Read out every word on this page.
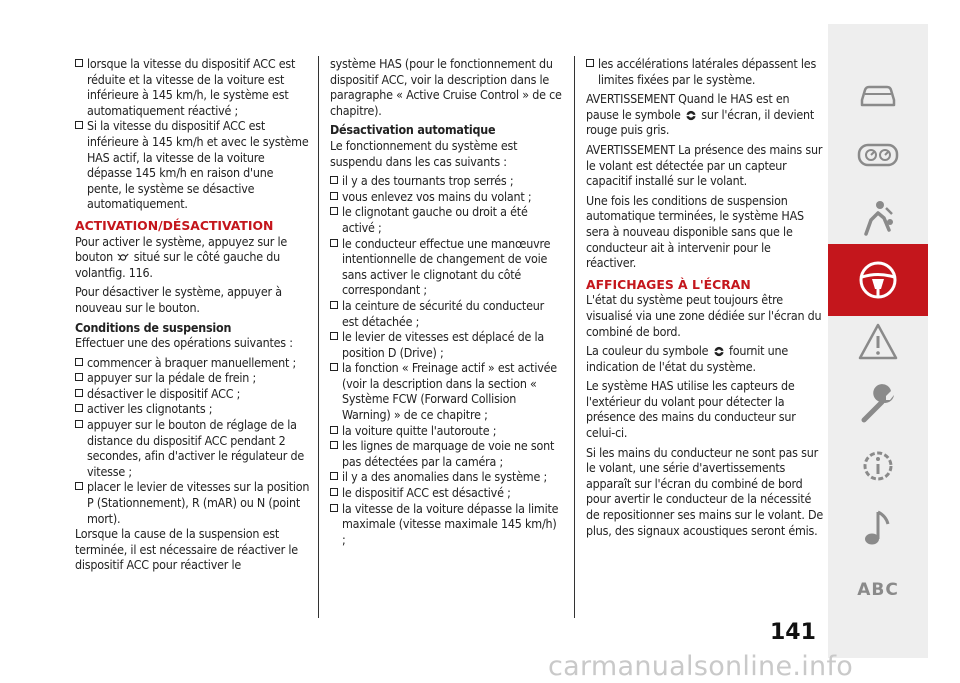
lorsque la vitesse du dispositif ACC est réduite et la vitesse de la voiture est inférieure à 145 km/h, le système est automatiquement réactivé ;

Si la vitesse du dispositif ACC est inférieure à 145 km/h et avec le système HAS actif, la vitesse de la voiture dépasse 145 km/h en raison d'une pente, le système se désactive automatiquement.

ACTIVATION/DÉSACTIVATION

Pour activer le système, appuyez sur le bouton situé sur le côté gauche du volantfig. 116.

Pour désactiver le système, appuyer à nouveau sur le bouton.

Conditions de suspension

Effectuer une des opérations suivantes :

commencer à braquer manuellement ;

appuyer sur la pédale de frein ;

désactiver le dispositif ACC ;

activer les clignotants ;

appuyer sur le bouton de réglage de la distance du dispositif ACC pendant 2 secondes, afin d'activer le régulateur de vitesse ;

placer le levier de vitesses sur la position P (Stationnement), R (mAR) ou N (point mort).

Lorsque la cause de la suspension est terminée, il est nécessaire de réactiver le dispositif ACC pour réactiver le

système HAS (pour le fonctionnement du dispositif ACC, voir la description dans le paragraphe « Active Cruise Control » de ce chapitre).

Désactivation automatique

Le fonctionnement du système est suspendu dans les cas suivants :

il y a des tournants trop serrés ;

vous enlevez vos mains du volant ;

le clignotant gauche ou droit a été activé ;

le conducteur effectue une manœuvre intentionnelle de changement de voie sans activer le clignotant du côté correspondant ;

la ceinture de sécurité du conducteur est détachée ;

le levier de vitesses est déplacé de la position D (Drive) ;

la fonction « Freinage actif » est activée (voir la description dans la section « Système FCW (Forward Collision Warning) » de ce chapitre ;

la voiture quitte l'autoroute ;

les lignes de marquage de voie ne sont pas détectées par la caméra ;

il y a des anomalies dans le système ;

le dispositif ACC est désactivé ;

la vitesse de la voiture dépasse la limite maximale (vitesse maximale 145 km/h) ;

les accélérations latérales dépassent les limites fixées par le système.

AVERTISSEMENT Quand le HAS est en pause le symbole sur l'écran, il devient rouge puis gris.

AVERTISSEMENT La présence des mains sur le volant est détectée par un capteur capacitif installé sur le volant.

Une fois les conditions de suspension automatique terminées, le système HAS sera à nouveau disponible sans que le conducteur ait à intervenir pour le réactiver.

AFFICHAGES À L'ÉCRAN

L'état du système peut toujours être visualisé via une zone dédiée sur l'écran du combiné de bord.

La couleur du symbole fournit une indication de l'état du système.

Le système HAS utilise les capteurs de l'extérieur du volant pour détecter la présence des mains du conducteur sur celui-ci.

Si les mains du conducteur ne sont pas sur le volant, une série d'avertissements apparaît sur l'écran du combiné de bord pour avertir le conducteur de la nécessité de repositionner ses mains sur le volant. De plus, des signaux acoustiques seront émis.

ABC
141
carmanualsonline.info
